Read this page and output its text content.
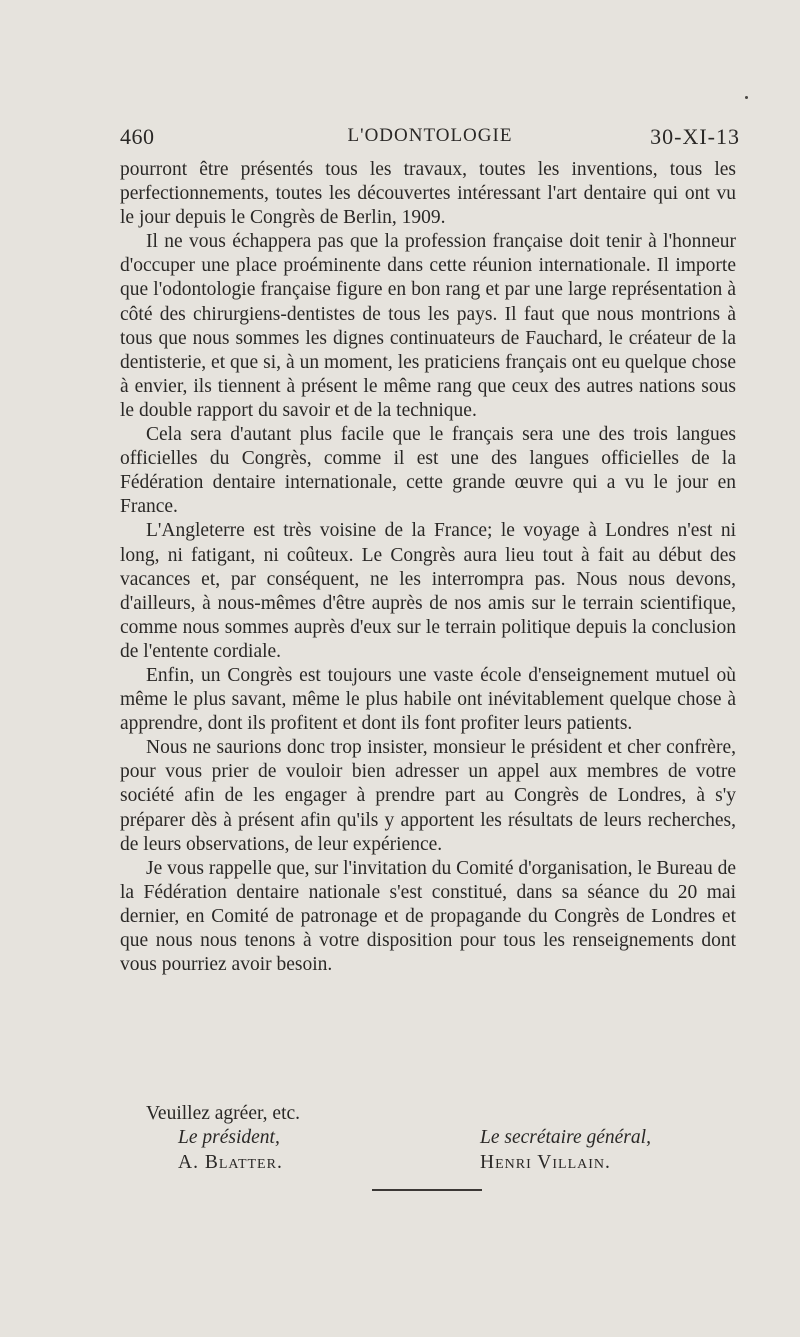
460	L'ODONTOLOGIE	30-XI-13

pourront être présentés tous les travaux, toutes les inventions, tous les perfectionnements, toutes les découvertes intéressant l'art dentaire qui ont vu le jour depuis le Congrès de Berlin, 1909.

Il ne vous échappera pas que la profession française doit tenir à l'honneur d'occuper une place proéminente dans cette réunion internationale. Il importe que l'odontologie française figure en bon rang et par une large représentation à côté des chirurgiens-dentistes de tous les pays. Il faut que nous montrions à tous que nous sommes les dignes continuateurs de Fauchard, le créateur de la dentisterie, et que si, à un moment, les praticiens français ont eu quelque chose à envier, ils tiennent à présent le même rang que ceux des autres nations sous le double rapport du savoir et de la technique.

Cela sera d'autant plus facile que le français sera une des trois langues officielles du Congrès, comme il est une des langues officielles de la Fédération dentaire internationale, cette grande œuvre qui a vu le jour en France.

L'Angleterre est très voisine de la France; le voyage à Londres n'est ni long, ni fatigant, ni coûteux. Le Congrès aura lieu tout à fait au début des vacances et, par conséquent, ne les interrompra pas. Nous nous devons, d'ailleurs, à nous-mêmes d'être auprès de nos amis sur le terrain scientifique, comme nous sommes auprès d'eux sur le terrain politique depuis la conclusion de l'entente cordiale.

Enfin, un Congrès est toujours une vaste école d'enseignement mutuel où même le plus savant, même le plus habile ont inévitablement quelque chose à apprendre, dont ils profitent et dont ils font profiter leurs patients.

Nous ne saurions donc trop insister, monsieur le président et cher confrère, pour vous prier de vouloir bien adresser un appel aux membres de votre société afin de les engager à prendre part au Congrès de Londres, à s'y préparer dès à présent afin qu'ils y apportent les résultats de leurs recherches, de leurs observations, de leur expérience.

Je vous rappelle que, sur l'invitation du Comité d'organisation, le Bureau de la Fédération dentaire nationale s'est constitué, dans sa séance du 20 mai dernier, en Comité de patronage et de propagande du Congrès de Londres et que nous nous tenons à votre disposition pour tous les renseignements dont vous pourriez avoir besoin.

Veuillez agréer, etc.
Le président,
A. Blatter.
Le secrétaire général,
Henri Villain.
